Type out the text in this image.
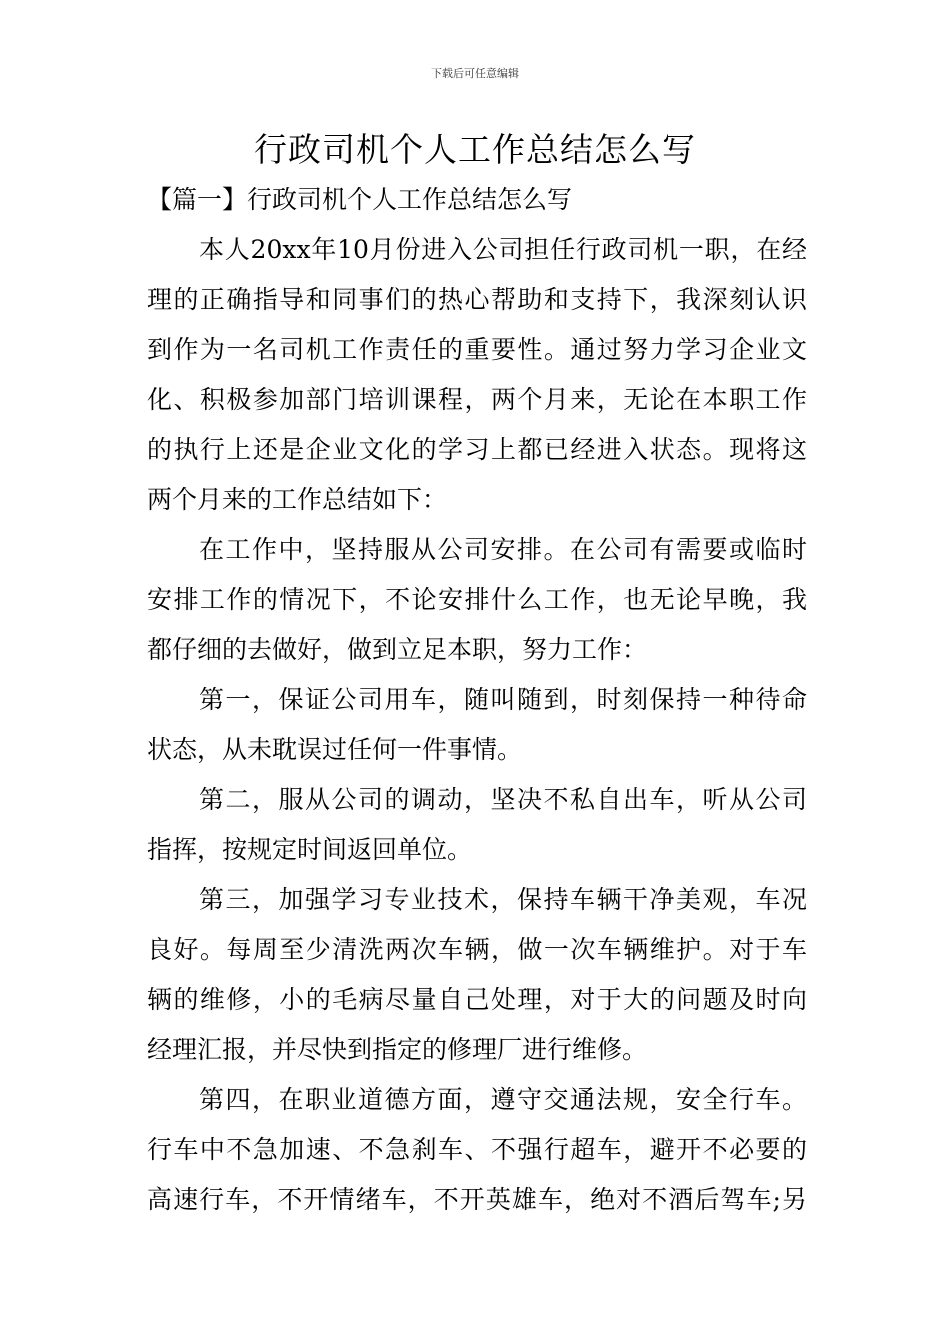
下载后可任意编辑
行政司机个人工作总结怎么写
【篇一】行政司机个人工作总结怎么写
本人20xx年10月份进入公司担任行政司机一职，在经
理的正确指导和同事们的热心帮助和支持下，我深刻认识
到作为一名司机工作责任的重要性。通过努力学习企业文
化、积极参加部门培训课程，两个月来，无论在本职工作
的执行上还是企业文化的学习上都已经进入状态。现将这
两个月来的工作总结如下：
在工作中，坚持服从公司安排。在公司有需要或临时
安排工作的情况下，不论安排什么工作，也无论早晚，我
都仔细的去做好，做到立足本职，努力工作：
第一，保证公司用车，随叫随到，时刻保持一种待命
状态，从未耽误过任何一件事情。
第二，服从公司的调动，坚决不私自出车，听从公司
指挥，按规定时间返回单位。
第三，加强学习专业技术，保持车辆干净美观，车况
良好。每周至少清洗两次车辆，做一次车辆维护。对于车
辆的维修，小的毛病尽量自己处理，对于大的问题及时向
经理汇报，并尽快到指定的修理厂进行维修。
第四，在职业道德方面，遵守交通法规，安全行车。
行车中不急加速、不急刹车、不强行超车，避开不必要的
高速行车，不开情绪车，不开英雄车，绝对不酒后驾车;另
